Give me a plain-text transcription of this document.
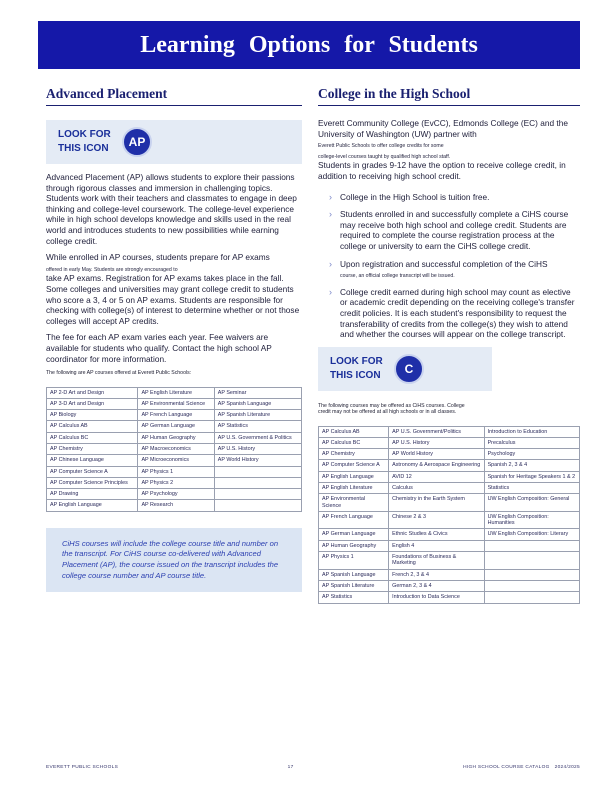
Learning Options for Students
Advanced Placement
LOOK FOR
THIS ICON	AP

Advanced Placement (AP) allows students to explore their passions through rigorous classes and immersion in challenging topics. Students work with their teachers and classmates to engage in deep thinking and college-level coursework. The college-level experience while in high school develops knowledge and skills used in the real world and introduces students to new possibilities while earning college credit.

While enrolled in AP courses, students prepare for AP exams
offered in early May. Students are strongly encouraged to
take AP exams. Registration for AP exams takes place in the fall. Some colleges and universities may grant college credit to students who score a 3, 4 or 5 on AP exams. Students are responsible for checking with college(s) of interest to determine whether or not those colleges will accept AP credits.

The fee for each AP exam varies each year. Fee waivers are available for students who qualify. Contact the high school AP coordinator for more information.

The following are AP courses offered at Everett Public Schools:
AP 2-D Art and Design	AP English Literature	AP Seminar
AP 3-D Art and Design	AP Environmental Science	AP Spanish Language
AP Biology	AP French Language	AP Spanish Literature
AP Calculus AB	AP German Language	AP Statistics
AP Calculus BC	AP Human Geography	AP U.S. Government & Politics
AP Chemistry	AP Macroeconomics	AP U.S. History
AP Chinese Language	AP Microeconomics	AP World History
AP Computer Science A	AP Physics 1	
AP Computer Science Principles	AP Physics 2	
AP Drawing	AP Psychology	
AP English Language	AP Research	
CiHS courses will include the college course title and number on the transcript. For CiHS course co-delivered with Advanced Placement (AP), the course issued on the transcript includes the college course number and AP course title.
College in the High School
Everett Community College (EvCC), Edmonds College (EC) and the University of Washington (UW) partner with
Everett Public Schools to offer college credits for some
college-level courses taught by qualified high school staff.
Students in grades 9-12 have the option to receive college credit, in addition to receiving high school credit.
› College in the High School is tuition free.
› Students enrolled in and successfully complete a CiHS course may receive both high school and college credit. Students are required to complete the course registration process at the college or university to earn the CiHS college credit.
› Upon registration and successful completion of the CiHS
course, an official college transcript will be issued.
› College credit earned during high school may count as elective or academic credit depending on the receiving college's transfer credit policies. It is each student's responsibility to request the transferability of credits from the college(s) they wish to attend and whether the courses will appear on the college transcript.
LOOK FOR
THIS ICON	C
The following courses may be offered as CiHS courses. College
credit may not be offered at all high schools or in all classes.
AP Calculus AB	AP U.S. Government/Politics	Introduction to Education
AP Calculus BC	AP U.S. History	Precalculus
AP Chemistry	AP World History	Psychology
AP Computer Science A	Astronomy & Aerospace Engineering	Spanish 2, 3 & 4
AP English Language	AVID 12	Spanish for Heritage Speakers 1 & 2
AP English Literature	Calculus	Statistics
AP Environmental Science	Chemistry in the Earth System	UW English Composition: General
AP French Language	Chinese 2 & 3	UW English Composition: Humanities
AP German Language	Ethnic Studies & Civics	UW English Composition: Literary
AP Human Geography	English 4	
AP Physics 1	Foundations of Business & Marketing	
AP Spanish Language	French 2, 3 & 4	
AP Spanish Literature	German 2, 3 & 4	
AP Statistics	Introduction to Data Science	
EVERETT PUBLIC SCHOOLS	17	HIGH SCHOOL COURSE CATALOG 2024/2025
